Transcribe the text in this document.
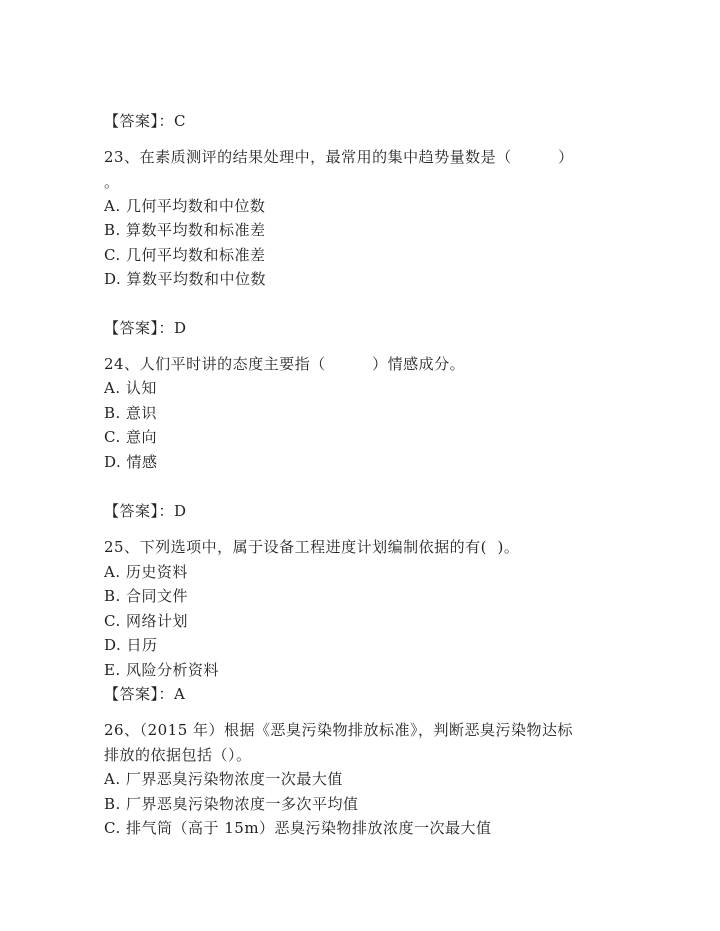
【答案】：C
23、在素质测评的结果处理中，最常用的集中趋势量数是（　　　）
。
A. 几何平均数和中位数
B. 算数平均数和标准差
C. 几何平均数和标准差
D. 算数平均数和中位数
【答案】：D
24、人们平时讲的态度主要指（　　　）情感成分。
A. 认知
B. 意识
C. 意向
D. 情感
【答案】：D
25、下列选项中，属于设备工程进度计划编制依据的有(  )。
A. 历史资料
B. 合同文件
C. 网络计划
D. 日历
E. 风险分析资料
【答案】：A
26、（2015 年）根据《恶臭污染物排放标准》，判断恶臭污染物达标
排放的依据包括（）。
A. 厂界恶臭污染物浓度一次最大值
B. 厂界恶臭污染物浓度一多次平均值
C. 排气筒（高于 15m）恶臭污染物排放浓度一次最大值
